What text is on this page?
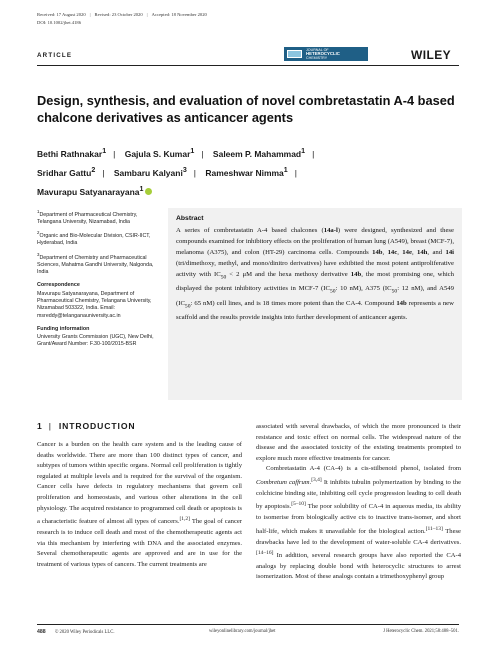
Received: 17 August 2020 | Revised: 23 October 2020 | Accepted: 18 November 2020
DOI: 10.1002/jhet.4186
ARTICLE
JOURNAL OF
HETEROCYCLIC
CHEMISTRY	WILEY
Design, synthesis, and evaluation of novel combretastatin A-4 based chalcone derivatives as anticancer agents
Bethi Rathnakar$^1$ | Gajula S. Kumar$^1$ | Saleem P. Mahammad$^1$ |
Sridhar Gattu$^2$ | Sambaru Kalyani$^3$ | Rameshwar Nimma$^1$ |
Mavurapu Satyanarayana$^1$

$^1$Department of Pharmaceutical Chemistry, Telangana University, Nizamabad, India

$^2$Organic and Bio-Molecular Division, CSIR-IICT, Hyderabad, India

$^3$Department of Chemistry and Pharmaceutical Sciences, Mahatma Gandhi University, Nalgonda, India

Correspondence

Mavurapu Satyanarayana, Department of Pharmaceutical Chemistry, Telangana University, Nizamabad 503322, India. Email: msreddy@telanganauniversity.ac.in

Funding information

University Grants Commission (UGC), New Delhi, Grant/Award Number: F.30-100/2015-BSR

Abstract

A series of combretastatin A-4 based chalcones (14a-l) were designed, synthesized and these compounds examined for inhibitory effects on the proliferation of human lung (A549), breast (MCF-7), melanoma (A375), and colon (HT-29) carcinoma cells. Compounds 14b, 14c, 14e, 14h, and 14i (tri/dimethoxy, methyl, and mono/dinitro derivatives) have exhibited the most potent antiproliferative activity with $IC_{50} < 2$ μM and the hexa methoxy derivative 14b, the most promising one, which displayed the potent inhibitory activities in MCF-7 ($IC_{50}$: 10 nM), A375 ($IC_{50}$: 12 nM), and A549 ($IC_{50}$: 65 nM) cell lines, and is 18 times more potent than the CA-4. Compound 14b represents a new scaffold and the results provide insights into further development of anticancer agents.

1 | INTRODUCTION

Cancer is a burden on the health care system and is the leading cause of deaths worldwide. There are more than 100 distinct types of cancer, and subtypes of tumors within specific organs. Normal cell proliferation is tightly regulated at multiple levels and is required for the survival of the organism. Cancer cells have defects in regulatory mechanisms that govern cell proliferation and homeostasis, and various other alterations in the cell physiology. The acquired resistance to programmed cell death or apoptosis is a characteristic feature of almost all types of cancers.[1,2] The goal of cancer research is to induce cell death and most of the chemotherapeutic agents act via this mechanism by interfering with DNA and the associated enzymes. Several chemotherapeutic agents are approved and are in use for the treatment of various types of cancers. The current treatments are

associated with several drawbacks, of which the more pronounced is their resistance and toxic effect on normal cells. The widespread nature of the disease and the associated toxicity of the existing treatments prompted to explore much more effective treatments for cancer.

Combretastatin A-4 (CA-4) is a cis-stilbenoid phenol, isolated from Combretum caffrum.[3,4] It inhibits tubulin polymerization by binding to the colchicine binding site, inhibiting cell cycle progression leading to cell death by apoptosis.[5–10] The poor solubility of CA-4 in aqueous media, its ability to isomerise from biologically active cis to inactive trans-isomer, and short half-life, which makes it unavailable for the biological action.[11–13] These drawbacks have led to the development of water-soluble CA-4 derivatives.[14–16] In addition, several research groups have also reported the CA-4 analogs by replacing double bond with heterocyclic structures to arrest isomerization. Most of these analogs contain a trimethoxyphenyl group

488 © 2020 Wiley Periodicals LLC.	wileyonlinelibrary.com/journal/jhet	J Heterocyclic Chem. 2021;58:488–501.
